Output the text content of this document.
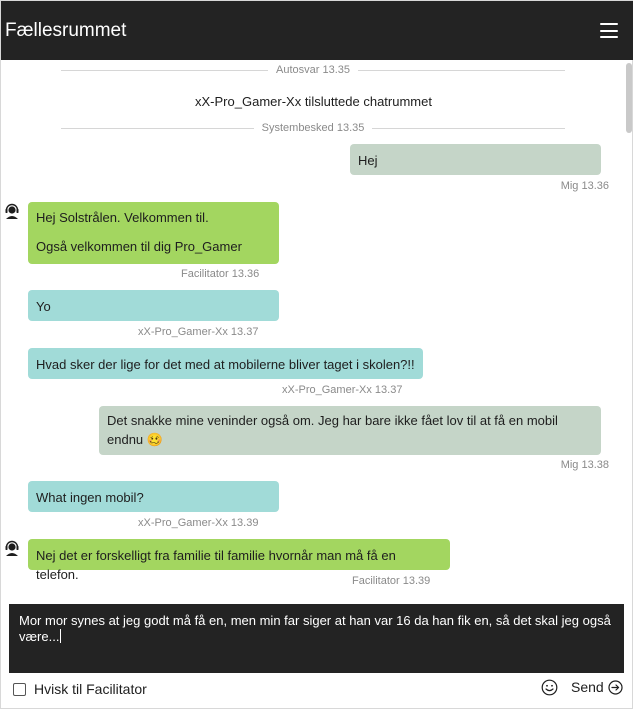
Fællesrummet
Autosvar 13.35
xX-Pro_Gamer-Xx tilsluttede chatrummet
Systembesked 13.35
Hej
Mig 13.36
Hej Solstrålen. Velkommen til.
Også velkommen til dig Pro_Gamer
Facilitator 13.36
Yo
xX-Pro_Gamer-Xx 13.37
Hvad sker der lige for det med at mobilerne bliver taget i skolen?!!
xX-Pro_Gamer-Xx 13.37
Det snakke mine veninder også om. Jeg har bare ikke fået lov til at få en mobil endnu 🥴
Mig 13.38
What ingen mobil?
xX-Pro_Gamer-Xx 13.39
Nej det er forskelligt fra familie til familie hvornår man må få en telefon.	Facilitator 13.39
Mor mor synes at jeg godt må få en, men min far siger at han var 16 da han fik en, så det skal jeg også være...
Hvisk til Facilitator	Send
